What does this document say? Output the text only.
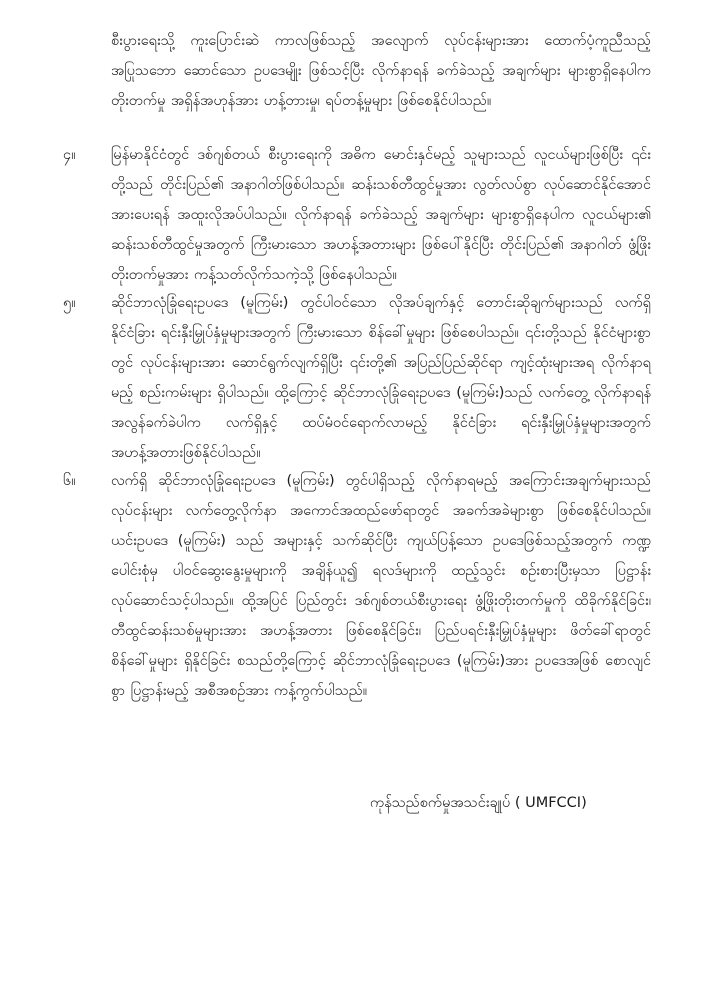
စီးပွားရေးသို့ ကူးပြောင်းဆဲ ကာလဖြစ်သည့် အလျောက် လုပ်ငန်းများအား ထောက်ပံ့ကူညီသည့် အပြုသဘော ဆောင်သော ဥပဒေမျိုး ဖြစ်သင့်ပြီး လိုက်နာရန် ခက်ခဲသည့် အချက်များ များစွာရှိနေပါက တိုးတက်မှု အရှိန်အဟုန်အား ဟန့်တားမှု၊ ရပ်တန့်မှုများ ဖြစ်စေနိုင်ပါသည်။

၄။ မြန်မာနိုင်ငံတွင် ဒစ်ဂျစ်တယ် စီးပွားရေးကို အဓိက မောင်းနှင်မည့် သူများသည် လူငယ်များဖြစ်ပြီး ၎င်းတို့သည် တိုင်းပြည်၏ အနာဂါတ်ဖြစ်ပါသည်။ ဆန်းသစ်တီထွင်မှုအား လွတ်လပ်စွာ လုပ်ဆောင်နိုင်အောင် အားပေးရန် အထူးလိုအပ်ပါသည်။ လိုက်နာရန် ခက်ခဲသည့် အချက်များ များစွာရှိနေပါက လူငယ်များ၏ ဆန်းသစ်တီထွင်မှုအတွက် ကြီးမားသော အဟန့်အတားများ ဖြစ်ပေါ်နိုင်ပြီး တိုင်းပြည်၏ အနာဂါတ် ဖွံ့ဖြိုးတိုးတက်မှုအား ကန့်သတ်လိုက်သကဲ့သို့ ဖြစ်နေပါသည်။

၅။ ဆိုင်ဘာလုံခြုံရေးဥပဒေ (မူကြမ်း) တွင်ပါဝင်သော လိုအပ်ချက်နှင့် တောင်းဆိုချက်များသည် လက်ရှိ နိုင်ငံခြား ရင်းနှီးမြှုပ်နှံမှုများအတွက် ကြီးမားသော စိန်ခေါ်မှုများ ဖြစ်စေပါသည်။ ၎င်းတို့သည် နိုင်ငံများစွာတွင် လုပ်ငန်းများအား ဆောင်ရွက်လျက်ရှိပြီး ၎င်းတို့၏ အပြည်ပြည်ဆိုင်ရာ ကျင့်ထုံးများအရ လိုက်နာရမည့် စည်းကမ်းများ ရှိပါသည်။ ထို့ကြောင့် ဆိုင်ဘာလုံခြုံရေးဥပဒေ (မူကြမ်း)သည် လက်တွေ့ လိုက်နာရန် အလွန်ခက်ခဲပါက လက်ရှိနှင့် ထပ်မံဝင်ရောက်လာမည့် နိုင်ငံခြား ရင်းနှီးမြှုပ်နှံမှုများအတွက် အဟန့်အတားဖြစ်နိုင်ပါသည်။

၆။ လက်ရှိ ဆိုင်ဘာလုံခြုံရေးဥပဒေ (မူကြမ်း) တွင်ပါရှိသည့် လိုက်နာရမည့် အကြောင်းအချက်များသည် လုပ်ငန်းများ လက်တွေ့လိုက်နာ အကောင်အထည်ဖော်ရာတွင် အခက်အခဲများစွာ ဖြစ်စေနိုင်ပါသည်။ ယင်းဥပဒေ (မူကြမ်း) သည် အများနှင့် သက်ဆိုင်ပြီး ကျယ်ပြန့်သော ဥပဒေဖြစ်သည့်အတွက် ကဏ္ဍပေါင်းစုံမှ ပါဝင်ဆွေးနွေးမှုများကို အချိန်ယူ၍ ရလဒ်များကို ထည့်သွင်း စဉ်းစားပြီးမှသာ ပြဋ္ဌာန်းလုပ်ဆောင်သင့်ပါသည်။ ထို့အပြင် ပြည်တွင်း ဒစ်ဂျစ်တယ်စီးပွားရေး ဖွံ့ဖြိုးတိုးတက်မှုကို ထိခိုက်နိုင်ခြင်း၊ တီထွင်ဆန်းသစ်မှုများအား အဟန့်အတား ဖြစ်စေနိုင်ခြင်း၊ ပြည်ပရင်းနှီးမြှုပ်နှံမှုများ ဖိတ်ခေါ်ရာတွင် စိန်ခေါ်မှုများ ရှိနိုင်ခြင်း စသည်တို့ကြောင့် ဆိုင်ဘာလုံခြုံရေးဥပဒေ (မူကြမ်း)အား ဥပဒေအဖြစ် စောလျင်စွာ ပြဋ္ဌာန်းမည့် အစီအစဉ်အား ကန့်ကွက်ပါသည်။

ကုန်သည်စက်မှုအသင်းချုပ် ( UMFCCI)
